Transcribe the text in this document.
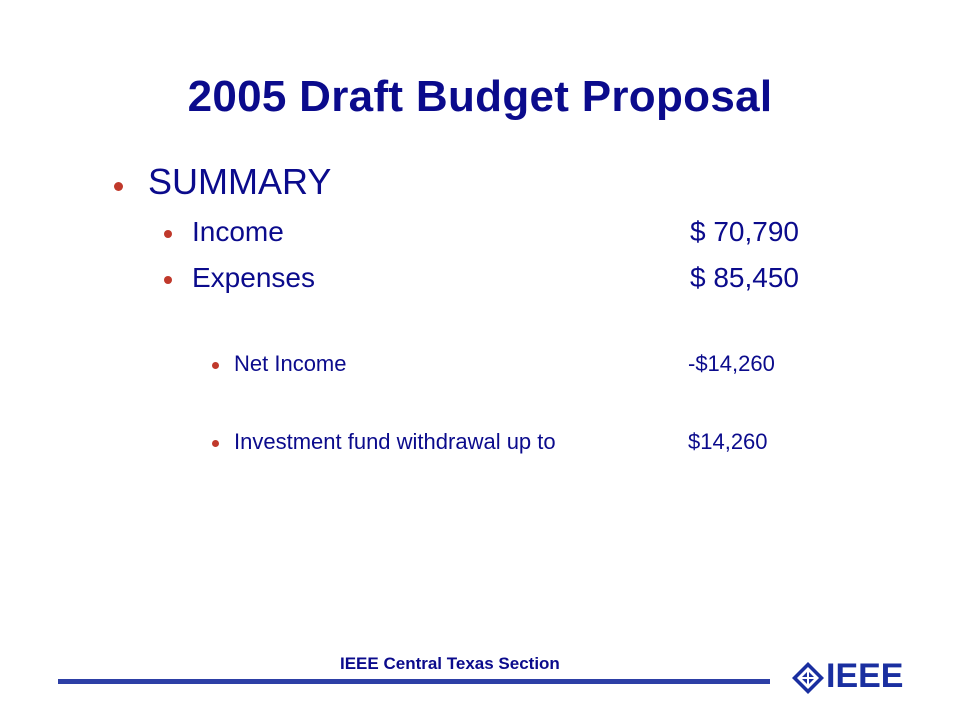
2005 Draft Budget Proposal
SUMMARY
Income	$ 70,790
Expenses	$ 85,450
Net Income	-$14,260
Investment fund withdrawal up to	$14,260
IEEE Central Texas Section	IEEE
